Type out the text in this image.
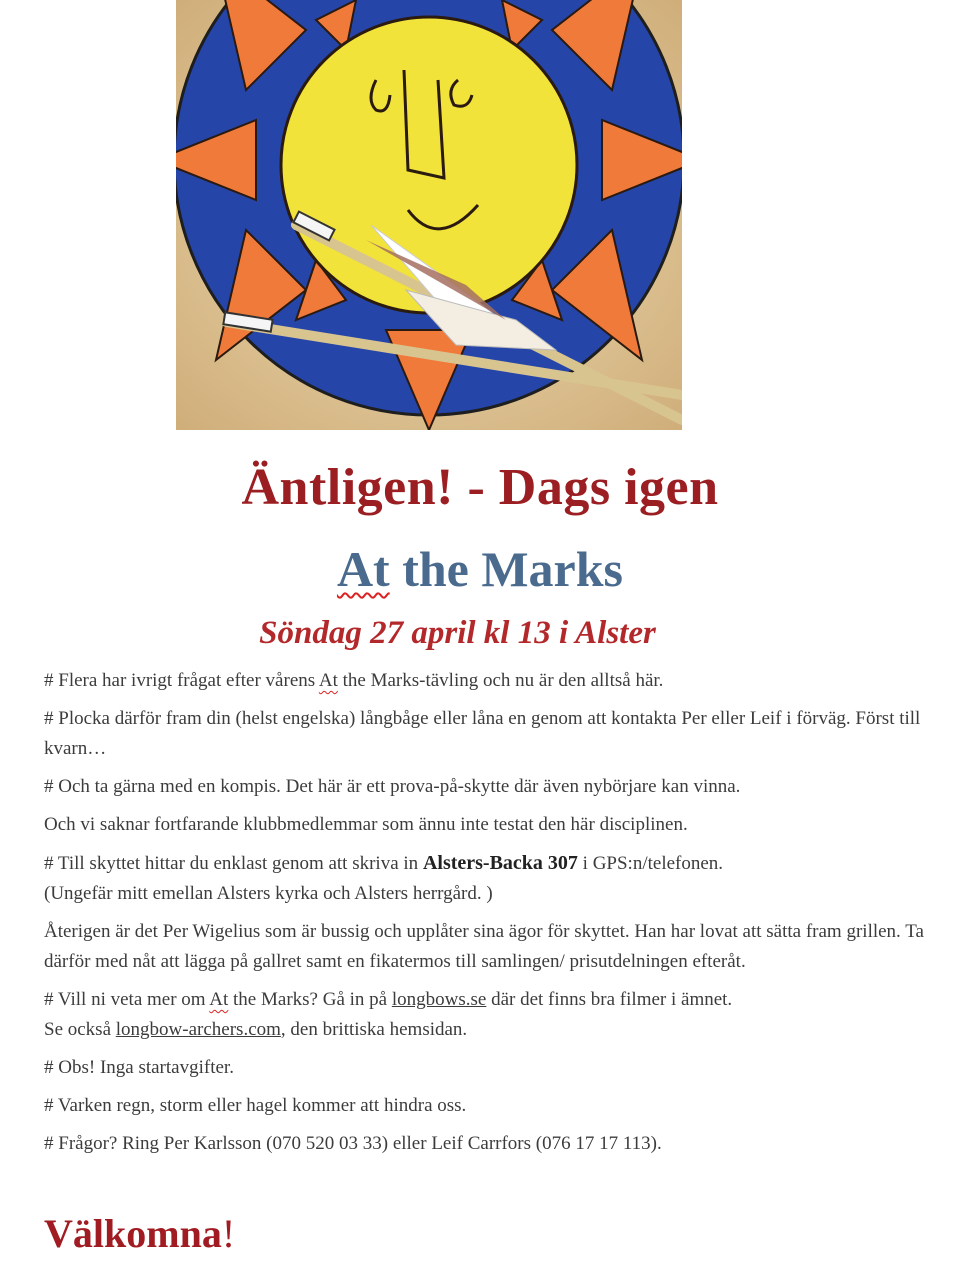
Äntligen! - Dags igen
At the Marks
Söndag 27 april kl 13 i Alster

# Flera har ivrigt frågat efter vårens At the Marks-tävling och nu är den alltså här.

# Plocka därför fram din (helst engelska) långbåge eller låna en genom att kontakta Per eller Leif i förväg. Först till kvarn…

# Och ta gärna med en kompis. Det här är ett prova-på-skytte där även nybörjare kan vinna.

Och vi saknar fortfarande klubbmedlemmar som ännu inte testat den här disciplinen.

# Till skyttet hittar du enklast genom att skriva in Alsters-Backa 307 i GPS:n/telefonen.
(Ungefär mitt emellan Alsters kyrka och Alsters herrgård. )

Återigen är det Per Wigelius som är bussig och upplåter sina ägor för skyttet. Han har lovat att sätta fram grillen. Ta därför med nåt att lägga på gallret samt en fikatermos till samlingen/ prisutdelningen efteråt.

# Vill ni veta mer om At the Marks? Gå in på longbows.se där det finns bra filmer i ämnet.
Se också longbow-archers.com, den brittiska hemsidan.

# Obs! Inga startavgifter.

# Varken regn, storm eller hagel kommer att hindra oss.

# Frågor? Ring Per Karlsson (070 520 03 33) eller Leif Carrfors (076 17 17 113).

Välkomna!
